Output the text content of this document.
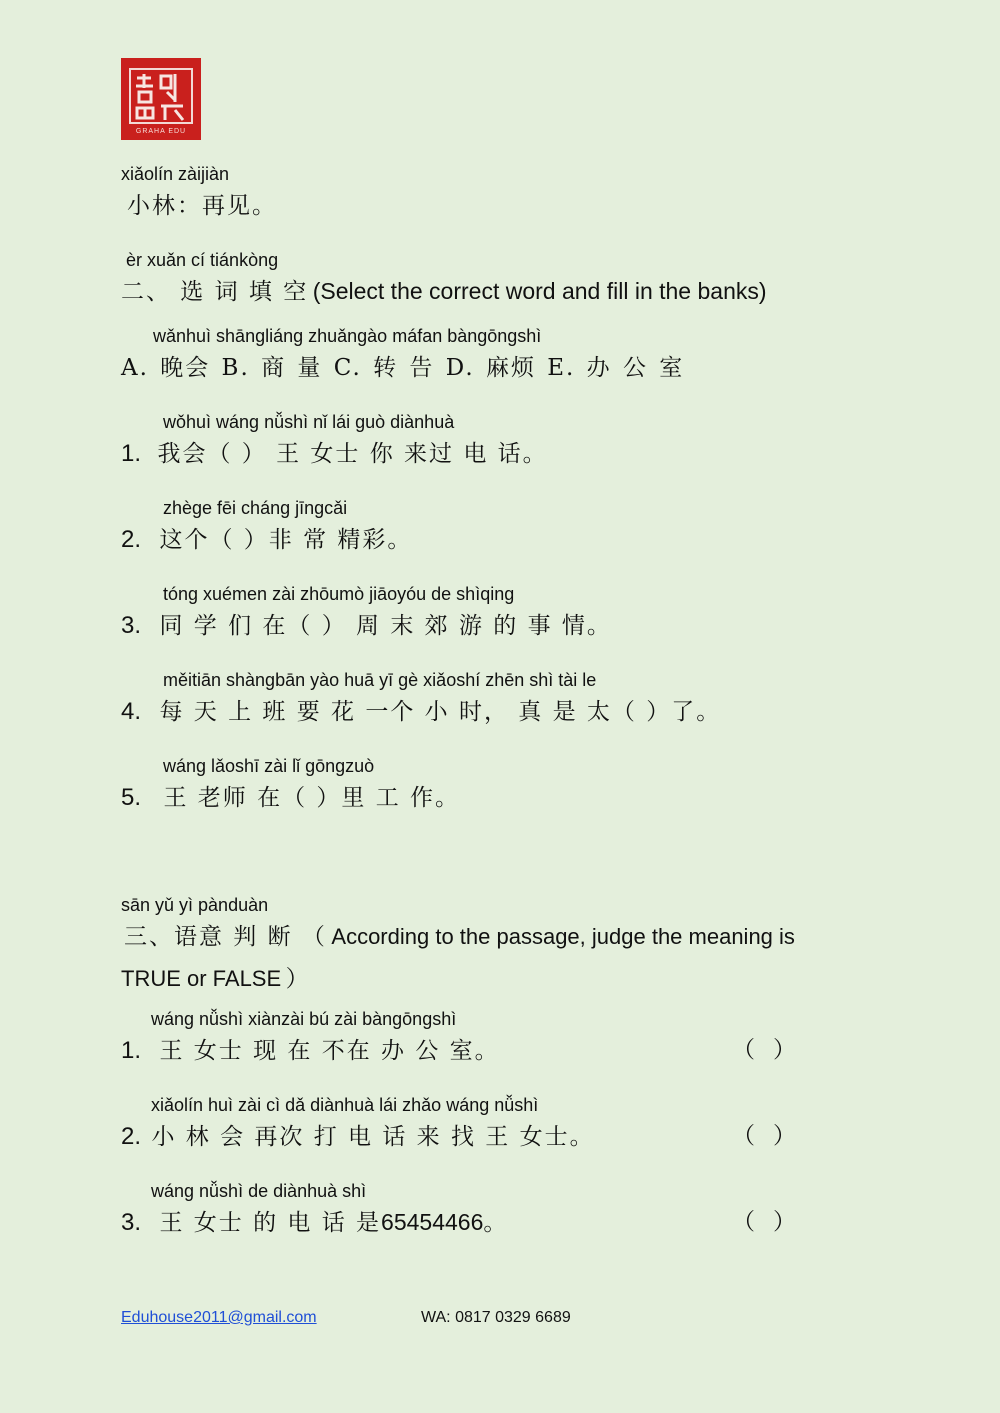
GRAHA EDU
xiǎolín zàijiàn
小林：再见。
èr xuǎn cí tiánkòng
二、 选 词 填 空 (Select the correct word and fill in the banks)
wǎnhuì shāngliáng zhuǎngào máfan bàngōngshì
A. 晚会 B. 商 量 C. 转 告 D. 麻烦 E. 办 公 室
wǒhuì wáng nǚshì nǐ lái guò diànhuà
1. 我会（ ） 王 女士 你 来过 电 话。
zhège fēi cháng jīngcǎi
2. 这个（ ）非 常 精彩。
tóng xuémen zài zhōumò jiāoyóu de shìqing
3. 同 学 们 在（ ） 周 末 郊 游 的 事 情。
měitiān shàngbān yào huā yī gè xiǎoshí zhēn shì tài le
4. 每 天 上 班 要 花 一个 小 时， 真 是 太（ ）了。
wáng lǎoshī zài lǐ gōngzuò
5. 王 老师 在（ ）里 工 作。
sān yǔ yì pànduàn
三、语意 判 断 （ According to the passage, judge the meaning is
TRUE or FALSE ）
wáng nǚshì xiànzài bú zài bàngōngshì
1. 王 女士 现 在 不在 办 公 室。	（）
xiǎolín huì zài cì dǎ diànhuà lái zhǎo wáng nǚshì
2. 小 林 会 再次 打 电 话 来 找 王 女士。	（）
wáng nǚshì de diànhuà shì
3. 王 女士 的 电 话 是65454466。	（）
Eduhouse2011@gmail.com	WA: 0817 0329 6689
